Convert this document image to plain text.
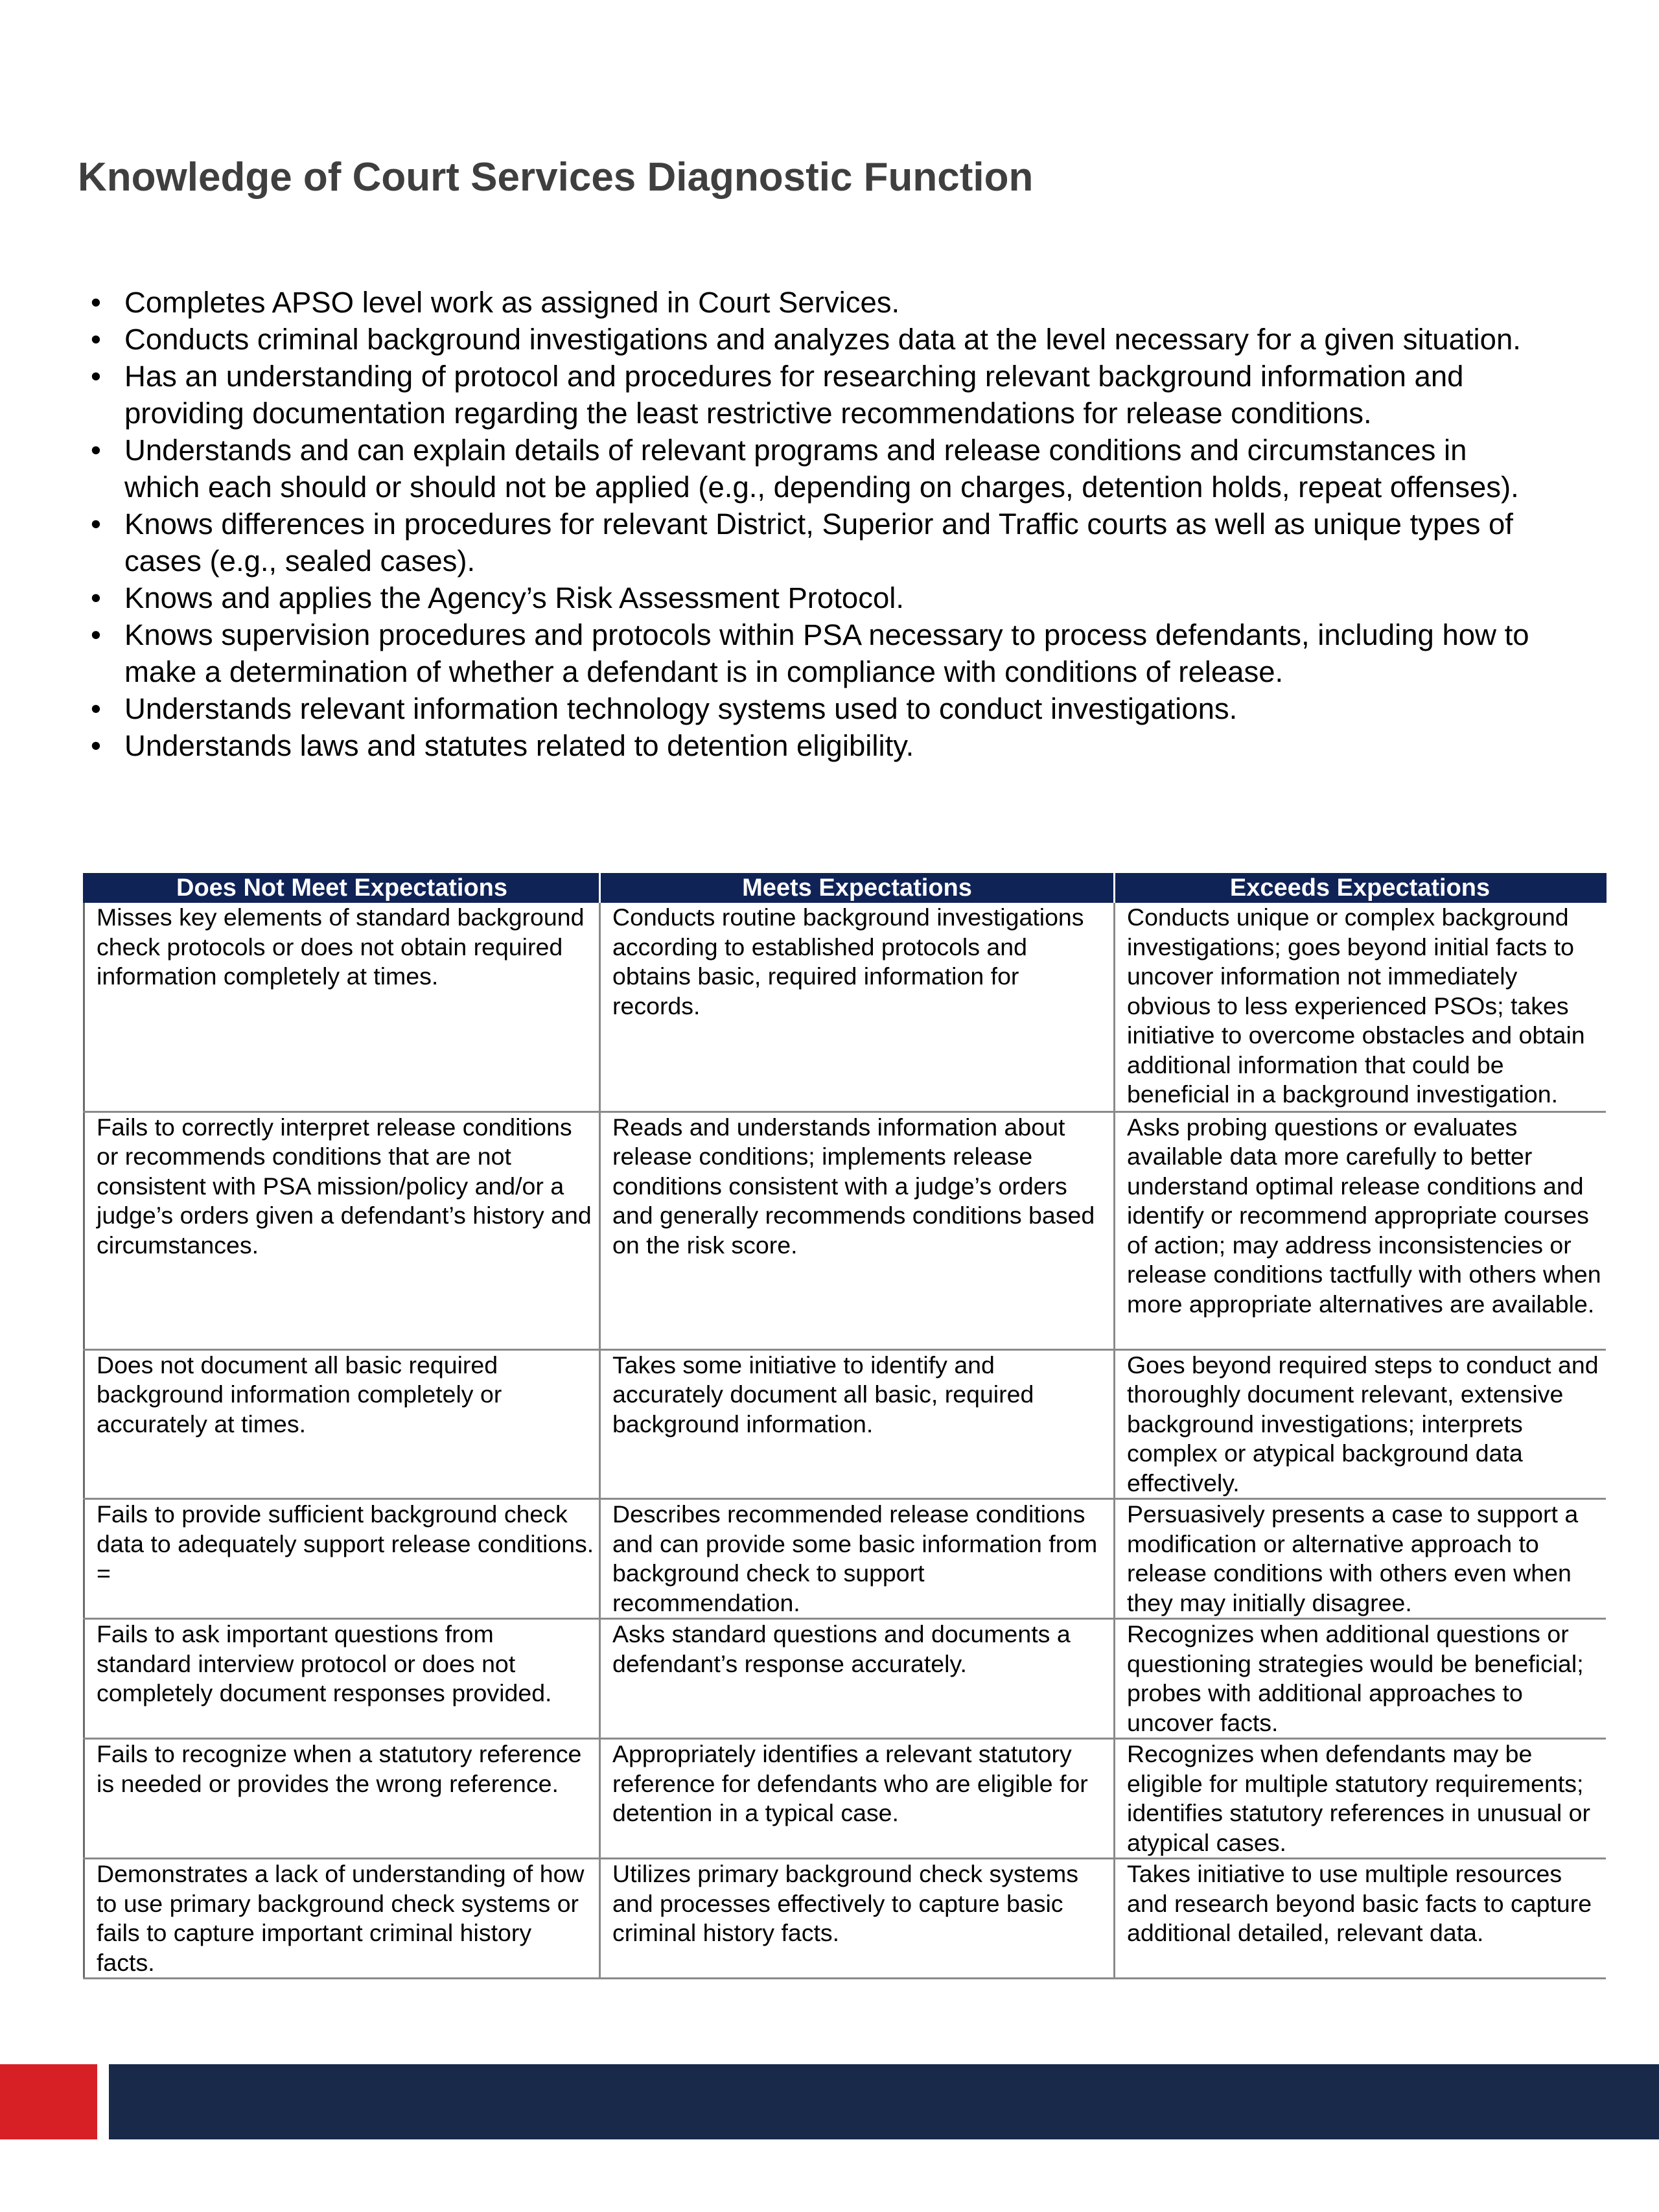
Knowledge of Court Services Diagnostic Function
• Completes APSO level work as assigned in Court Services.
• Conducts criminal background investigations and analyzes data at the level necessary for a given situation.
• Has an understanding of protocol and procedures for researching relevant background information and providing documentation regarding the least restrictive recommendations for release conditions.
• Understands and can explain details of relevant programs and release conditions and circumstances in which each should or should not be applied (e.g., depending on charges, detention holds, repeat offenses).
• Knows differences in procedures for relevant District, Superior and Traffic courts as well as unique types of cases (e.g., sealed cases).
• Knows and applies the Agency’s Risk Assessment Protocol.
• Knows supervision procedures and protocols within PSA necessary to process defendants, including how to make a determination of whether a defendant is in compliance with conditions of release.
• Understands relevant information technology systems used to conduct investigations.
• Understands laws and statutes related to detention eligibility.
Does Not Meet Expectations	Meets Expectations	Exceeds Expectations
Misses key elements of standard background check protocols or does not obtain required information completely at times.	Conducts routine background investigations according to established protocols and obtains basic, required information for records.	Conducts unique or complex background investigations; goes beyond initial facts to uncover information not immediately obvious to less experienced PSOs; takes initiative to overcome obstacles and obtain additional information that could be beneficial in a background investigation.
Fails to correctly interpret release conditions or recommends conditions that are not consistent with PSA mission/policy and/or a judge’s orders given a defendant’s history and circumstances.	Reads and understands information about release conditions; implements release conditions consistent with a judge’s orders and generally recommends conditions based on the risk score.	Asks probing questions or evaluates available data more carefully to better understand optimal release conditions and identify or recommend appropriate courses of action; may address inconsistencies or release conditions tactfully with others when more appropriate alternatives are available.
Does not document all basic required background information completely or accurately at times.	Takes some initiative to identify and accurately document all basic, required background information.	Goes beyond required steps to conduct and thoroughly document relevant, extensive background investigations; interprets complex or atypical background data effectively.
Fails to provide sufficient background check data to adequately support release conditions. =	Describes recommended release conditions and can provide some basic information from background check to support recommendation.	Persuasively presents a case to support a modification or alternative approach to release conditions with others even when they may initially disagree.
Fails to ask important questions from standard interview protocol or does not completely document responses provided.	Asks standard questions and documents a defendant’s response accurately.	Recognizes when additional questions or questioning strategies would be beneficial; probes with additional approaches to uncover facts.
Fails to recognize when a statutory reference is needed or provides the wrong reference.	Appropriately identifies a relevant statutory reference for defendants who are eligible for detention in a typical case.	Recognizes when defendants may be eligible for multiple statutory requirements; identifies statutory references in unusual or atypical cases.
Demonstrates a lack of understanding of how to use primary background check systems or fails to capture important criminal history facts.	Utilizes primary background check systems and processes effectively to capture basic criminal history facts.	Takes initiative to use multiple resources and research beyond basic facts to capture additional detailed, relevant data.
